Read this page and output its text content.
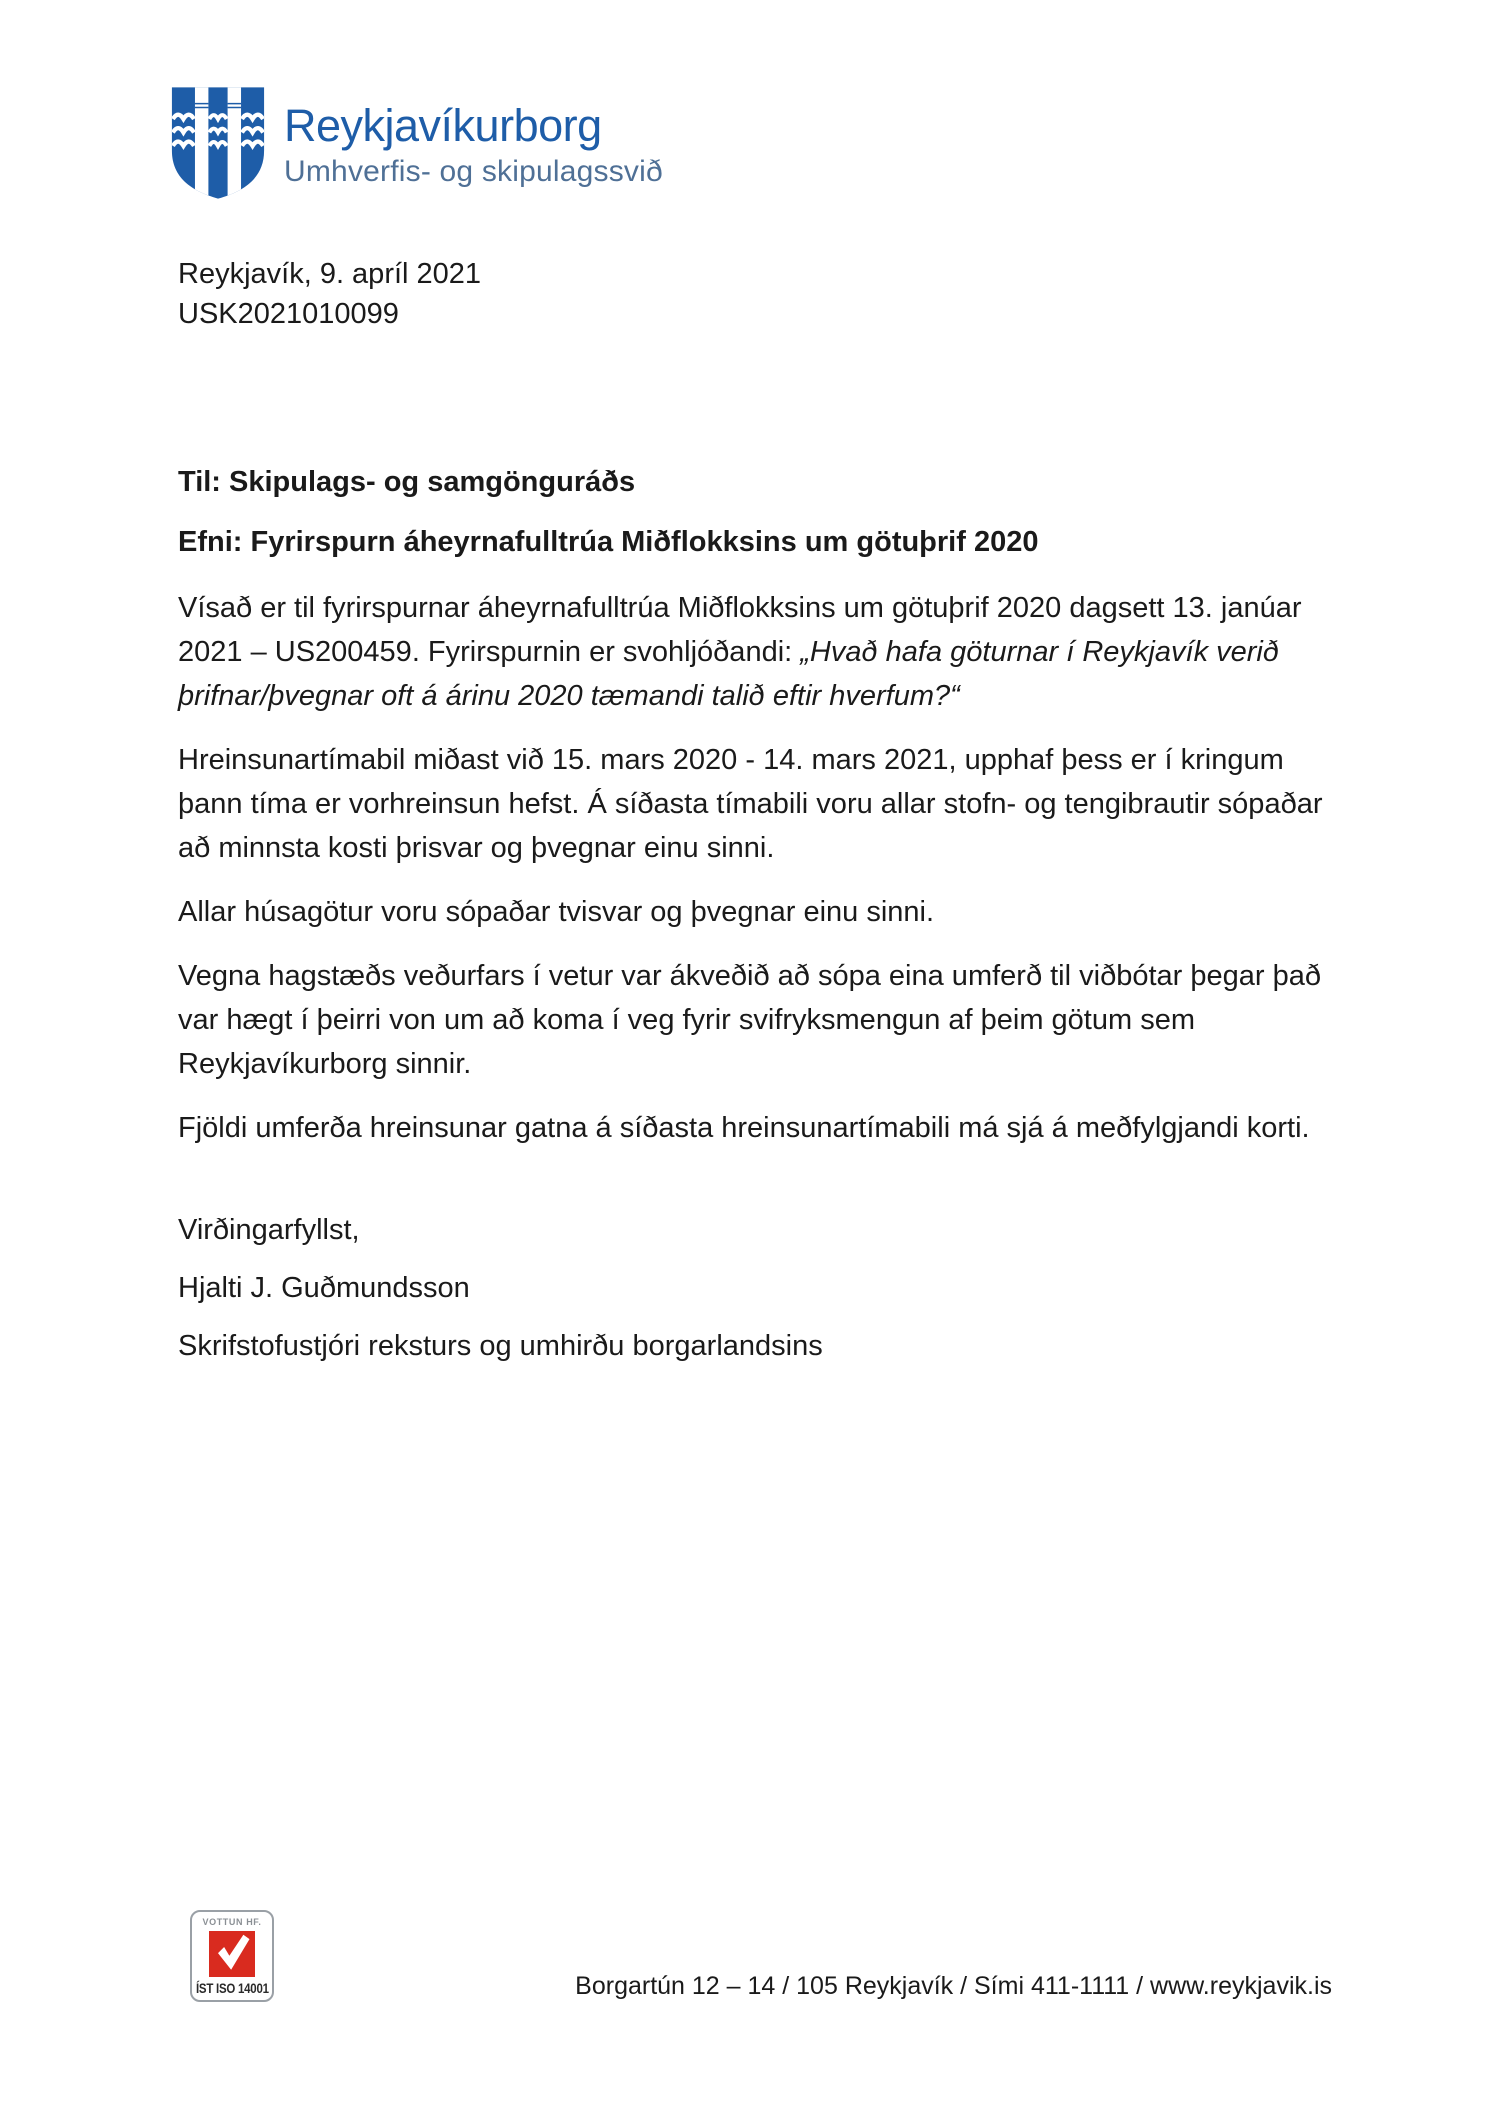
Reykjavíkurborg
Umhverfis- og skipulagssvið
Reykjavík, 9. apríl 2021
USK2021010099

Til: Skipulags- og samgönguráðs

Efni: Fyrirspurn áheyrnafulltrúa Miðflokksins um götuþrif 2020

Vísað er til fyrirspurnar áheyrnafulltrúa Miðflokksins um götuþrif 2020 dagsett 13. janúar 2021 – US200459. Fyrirspurnin er svohljóðandi: „Hvað hafa göturnar í Reykjavík verið þrifnar/þvegnar oft á árinu 2020 tæmandi talið eftir hverfum?“

Hreinsunartímabil miðast við 15. mars 2020 - 14. mars 2021, upphaf þess er í kringum þann tíma er vorhreinsun hefst. Á síðasta tímabili voru allar stofn- og tengibrautir sópaðar að minnsta kosti þrisvar og þvegnar einu sinni.

Allar húsagötur voru sópaðar tvisvar og þvegnar einu sinni.

Vegna hagstæðs veðurfars í vetur var ákveðið að sópa eina umferð til viðbótar þegar það var hægt í þeirri von um að koma í veg fyrir svifryksmengun af þeim götum sem Reykjavíkurborg sinnir.

Fjöldi umferða hreinsunar gatna á síðasta hreinsunartímabili má sjá á meðfylgjandi korti.

Virðingarfyllst,

Hjalti J. Guðmundsson

Skrifstofustjóri reksturs og umhirðu borgarlandsins

VOTTUN HF.
ÍST ISO 14001	Borgartún 12 – 14 / 105 Reykjavík / Sími 411-1111 / www.reykjavik.is
